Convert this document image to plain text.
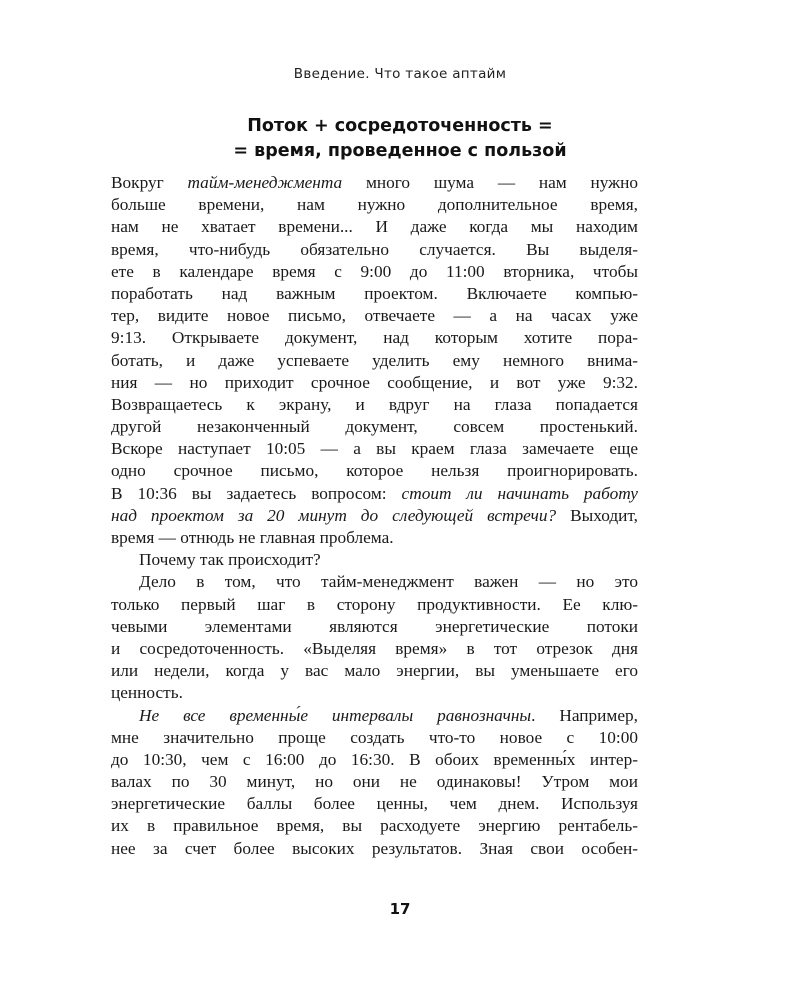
Введение. Что такое аптайм
Поток + сосредоточенность =
= время, проведенное с пользой
Вокруг тайм-менеджмента много шума — нам нужно
больше времени, нам нужно дополнительное время,
нам не хватает времени... И даже когда мы находим
время, что-нибудь обязательно случается. Вы выделя-
ете в календаре время с 9:00 до 11:00 вторника, чтобы
поработать над важным проектом. Включаете компью-
тер, видите новое письмо, отвечаете — а на часах уже
9:13. Открываете документ, над которым хотите пора-
ботать, и даже успеваете уделить ему немного внима-
ния — но приходит срочное сообщение, и вот уже 9:32.
Возвращаетесь к экрану, и вдруг на глаза попадается
другой незаконченный документ, совсем простенький.
Вскоре наступает 10:05 — а вы краем глаза замечаете еще
одно срочное письмо, которое нельзя проигнорировать.
В 10:36 вы задаетесь вопросом: стоит ли начинать работу
над проектом за 20 минут до следующей встречи? Выходит,
время — отнюдь не главная проблема.
Почему так происходит?
Дело в том, что тайм-менеджмент важен — но это
только первый шаг в сторону продуктивности. Ее клю-
чевыми элементами являются энергетические потоки
и сосредоточенность. «Выделяя время» в тот отрезок дня
или недели, когда у вас мало энергии, вы уменьшаете его
ценность.
Не все временны́е интервалы равнозначны. Например,
мне значительно проще создать что-то новое с 10:00
до 10:30, чем с 16:00 до 16:30. В обоих временны́х интер-
валах по 30 минут, но они не одинаковы! Утром мои
энергетические баллы более ценны, чем днем. Используя
их в правильное время, вы расходуете энергию рентабель-
нее за счет более высоких результатов. Зная свои особен-
17
